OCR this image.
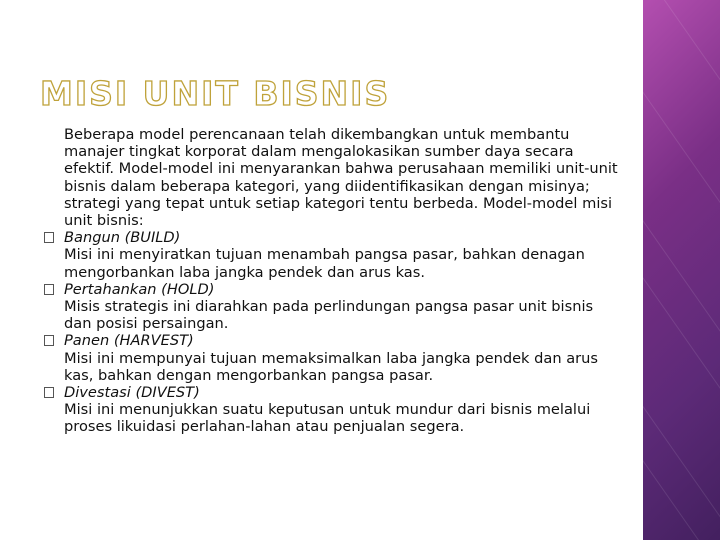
MISI UNIT BISNIS

Beberapa model perencanaan telah dikembangkan untuk membantu manajer tingkat korporat dalam mengalokasikan sumber daya secara efektif. Model-model ini menyarankan bahwa perusahaan memiliki unit-unit bisnis dalam beberapa kategori, yang diidentifikasikan dengan misinya; strategi yang tepat untuk setiap kategori tentu berbeda. Model-model misi unit bisnis:

Bangun (BUILD)
Misi ini menyiratkan tujuan menambah pangsa pasar, bahkan denagan mengorbankan laba jangka pendek dan arus kas.

Pertahankan (HOLD)
Misis strategis ini diarahkan pada perlindungan pangsa pasar unit bisnis dan posisi persaingan.

Panen (HARVEST)
Misi ini mempunyai tujuan memaksimalkan laba jangka pendek dan arus kas, bahkan dengan mengorbankan pangsa pasar.

Divestasi (DIVEST)
Misi ini menunjukkan suatu keputusan untuk mundur dari bisnis melalui proses likuidasi perlahan-lahan atau penjualan segera.
